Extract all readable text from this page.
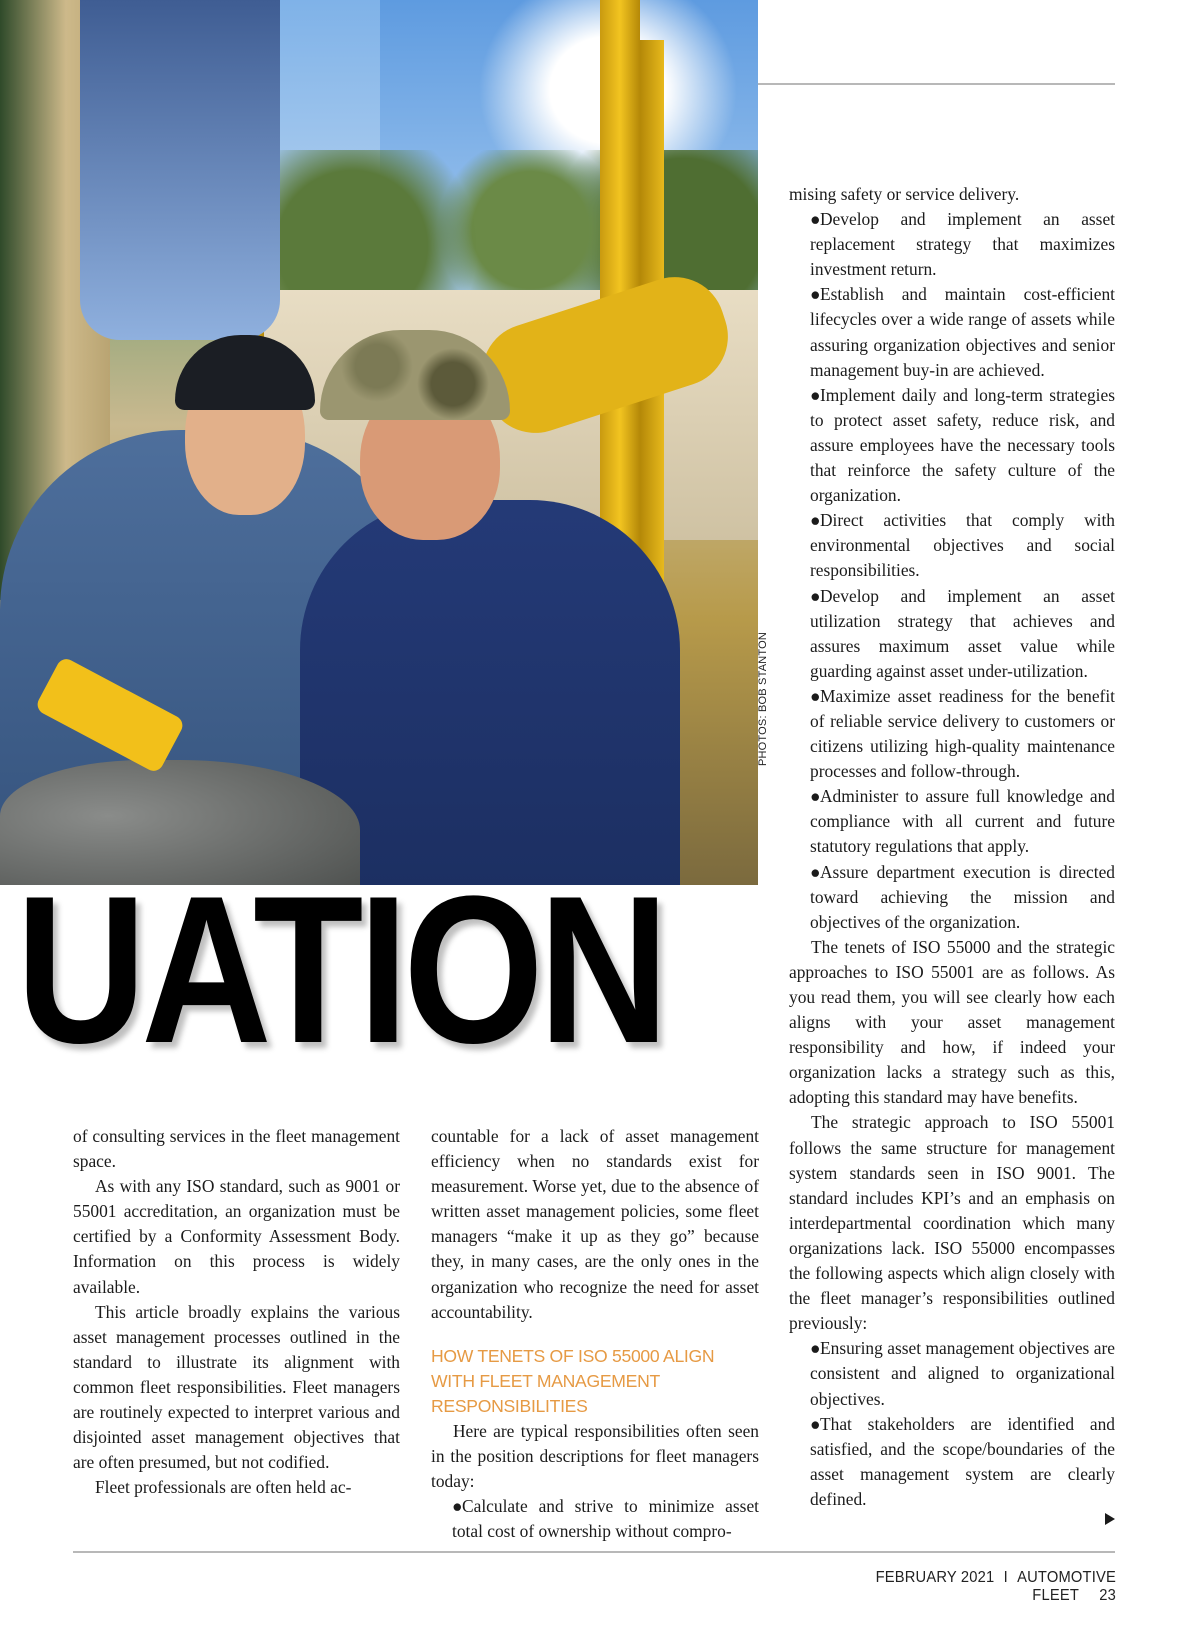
PHOTOS: BOB STANTON
UATION

of consulting services in the fleet management space.

As with any ISO standard, such as 9001 or 55001 accreditation, an organization must be certified by a Conformity Assessment Body. Information on this process is widely available.

This article broadly explains the various asset management processes outlined in the standard to illustrate its alignment with common fleet responsibilities. Fleet managers are routinely expected to interpret various and disjointed asset management objectives that are often presumed, but not codified.

Fleet professionals are often held ac-

countable for a lack of asset management efficiency when no standards exist for measurement. Worse yet, due to the absence of written asset management policies, some fleet managers “make it up as they go” because they, in many cases, are the only ones in the organization who recognize the need for asset accountability.

HOW TENETS OF ISO 55000 ALIGN WITH FLEET MANAGEMENT RESPONSIBILITIES

Here are typical responsibilities often seen in the position descriptions for fleet managers today:

●Calculate and strive to minimize asset total cost of ownership without compro-

mising safety or service delivery.

●Develop and implement an asset replacement strategy that maximizes investment return.

●Establish and maintain cost-efficient lifecycles over a wide range of assets while assuring organization objectives and senior management buy-in are achieved.

●Implement daily and long-term strategies to protect asset safety, reduce risk, and assure employees have the necessary tools that reinforce the safety culture of the organization.

●Direct activities that comply with environmental objectives and social responsibilities.

●Develop and implement an asset utilization strategy that achieves and assures maximum asset value while guarding against asset under-utilization.

●Maximize asset readiness for the benefit of reliable service delivery to customers or citizens utilizing high-quality maintenance processes and follow-through.

●Administer to assure full knowledge and compliance with all current and future statutory regulations that apply.

●Assure department execution is directed toward achieving the mission and objectives of the organization.

The tenets of ISO 55000 and the strategic approaches to ISO 55001 are as follows. As you read them, you will see clearly how each aligns with your asset management responsibility and how, if indeed your organization lacks a strategy such as this, adopting this standard may have benefits.

The strategic approach to ISO 55001 follows the same structure for management system standards seen in ISO 9001. The standard includes KPI’s and an emphasis on interdepartmental coordination which many organizations lack. ISO 55000 encompasses the following aspects which align closely with the fleet manager’s responsibilities outlined previously:

●Ensuring asset management objectives are consistent and aligned to organizational objectives.

●That stakeholders are identified and satisfied, and the scope/boundaries of the asset management system are clearly defined.

FEBRUARY 2021 I AUTOMOTIVE FLEET 23
